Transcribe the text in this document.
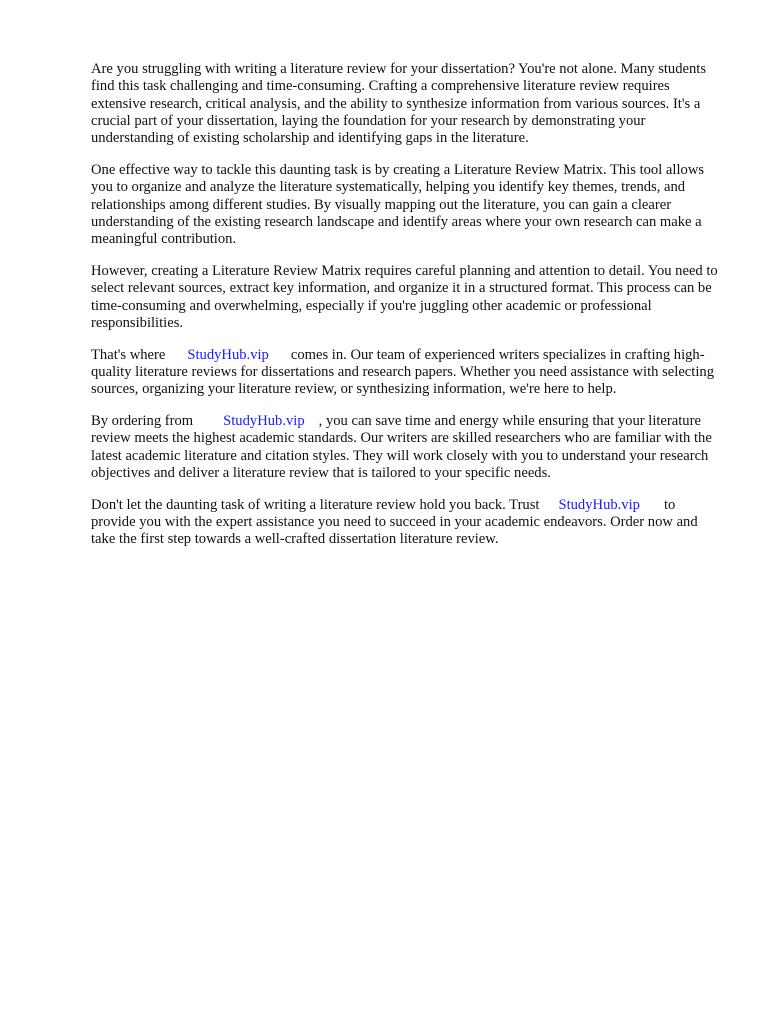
Are you struggling with writing a literature review for your dissertation? You're not alone. Many students find this task challenging and time-consuming. Crafting a comprehensive literature review requires extensive research, critical analysis, and the ability to synthesize information from various sources. It's a crucial part of your dissertation, laying the foundation for your research by demonstrating your understanding of existing scholarship and identifying gaps in the literature.

One effective way to tackle this daunting task is by creating a Literature Review Matrix. This tool allows you to organize and analyze the literature systematically, helping you identify key themes, trends, and relationships among different studies. By visually mapping out the literature, you can gain a clearer understanding of the existing research landscape and identify areas where your own research can make a meaningful contribution.

However, creating a Literature Review Matrix requires careful planning and attention to detail. You need to select relevant sources, extract key information, and organize it in a structured format. This process can be time-consuming and overwhelming, especially if you're juggling other academic or professional responsibilities.

That's where StudyHub.vip comes in. Our team of experienced writers specializes in crafting high-quality literature reviews for dissertations and research papers. Whether you need assistance with selecting sources, organizing your literature review, or synthesizing information, we're here to help.

By ordering from StudyHub.vip , you can save time and energy while ensuring that your literature review meets the highest academic standards. Our writers are skilled researchers who are familiar with the latest academic literature and citation styles. They will work closely with you to understand your research objectives and deliver a literature review that is tailored to your specific needs.

Don't let the daunting task of writing a literature review hold you back. Trust StudyHub.vip to provide you with the expert assistance you need to succeed in your academic endeavors. Order now and take the first step towards a well-crafted dissertation literature review.
